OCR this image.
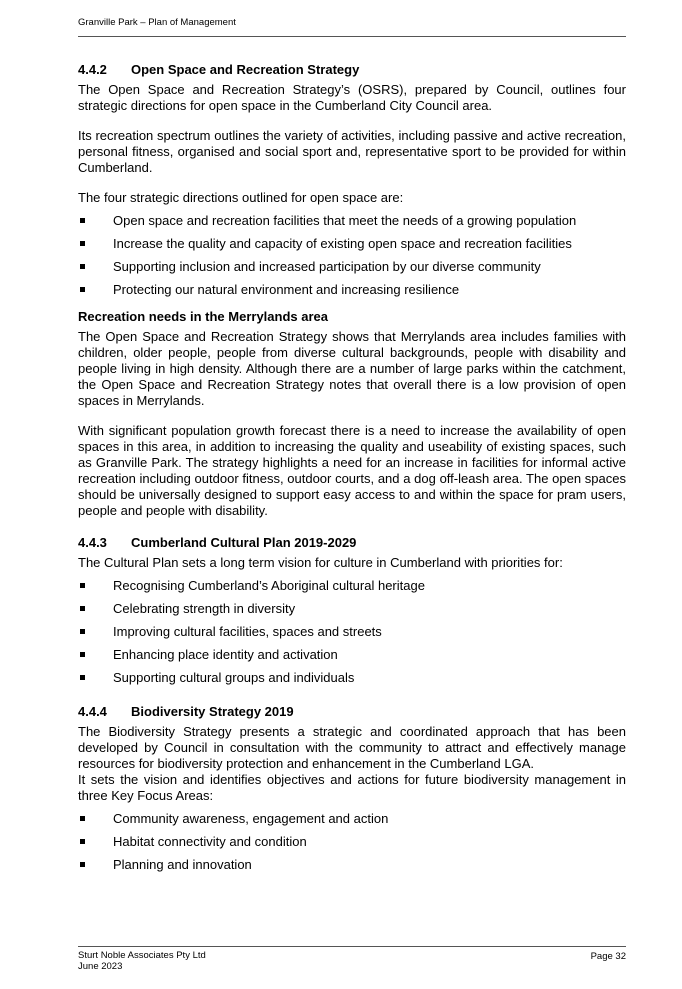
Granville Park – Plan of Management
4.4.2	Open Space and Recreation Strategy

The Open Space and Recreation Strategy’s (OSRS), prepared by Council, outlines four strategic directions for open space in the Cumberland City Council area.

Its recreation spectrum outlines the variety of activities, including passive and active recreation, personal fitness, organised and social sport and, representative sport to be provided for within Cumberland.

The four strategic directions outlined for open space are:

Open space and recreation facilities that meet the needs of a growing population
Increase the quality and capacity of existing open space and recreation facilities
Supporting inclusion and increased participation by our diverse community
Protecting our natural environment and increasing resilience
Recreation needs in the Merrylands area

The Open Space and Recreation Strategy shows that Merrylands area includes families with children, older people, people from diverse cultural backgrounds, people with disability and people living in high density. Although there are a number of large parks within the catchment, the Open Space and Recreation Strategy notes that overall there is a low provision of open spaces in Merrylands.

With significant population growth forecast there is a need to increase the availability of open spaces in this area, in addition to increasing the quality and useability of existing spaces, such as Granville Park. The strategy highlights a need for an increase in facilities for informal active recreation including outdoor fitness, outdoor courts, and a dog off-leash area. The open spaces should be universally designed to support easy access to and within the space for pram users, people and people with disability.

4.4.3	Cumberland Cultural Plan 2019-2029

The Cultural Plan sets a long term vision for culture in Cumberland with priorities for:

Recognising Cumberland’s Aboriginal cultural heritage
Celebrating strength in diversity
Improving cultural facilities, spaces and streets
Enhancing place identity and activation
Supporting cultural groups and individuals
4.4.4	Biodiversity Strategy 2019

The Biodiversity Strategy presents a strategic and coordinated approach that has been developed by Council in consultation with the community to attract and effectively manage resources for biodiversity protection and enhancement in the Cumberland LGA.

It sets the vision and identifies objectives and actions for future biodiversity management in three Key Focus Areas:

Community awareness, engagement and action
Habitat connectivity and condition
Planning and innovation
Sturt Noble Associates Pty Ltd
June 2023
Page 32
